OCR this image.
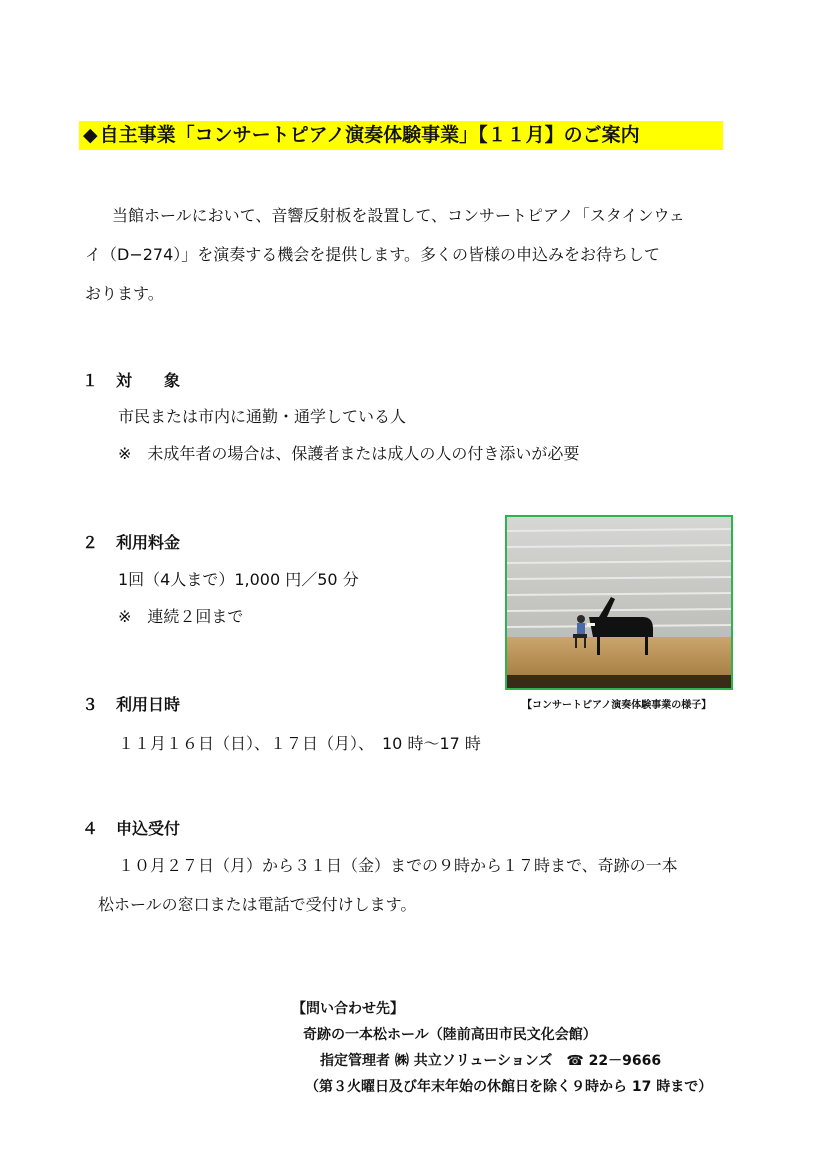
◆ 自主事業「コンサートピアノ演奏体験事業」【１１月】のご案内
当館ホールにおいて、音響反射板を設置して、コンサートピアノ「スタインウェ
イ（D−274）」を演奏する機会を提供します。多くの皆様の申込みをお待ちして
おります。
１ 対　　象
市民または市内に通勤・通学している人
※　未成年者の場合は、保護者または成人の人の付き添いが必要
２ 利用料金
1回（4人まで）1,000 円／50 分
※　連続２回まで
【コンサートピアノ演奏体験事業の様子】
３ 利用日時
１１月１６日（日）、１７日（月）、　10 時〜17 時
４ 申込受付
１０月２７日（月）から３１日（金）までの９時から１７時まで、奇跡の一本
松ホールの窓口または電話で受付けします。
【問い合わせ先】
奇跡の一本松ホール（陸前高田市民文化会館）
指定管理者 ㈱ 共立ソリューションズ　☎ 22－9666
（第３火曜日及び年末年始の休館日を除く９時から 17 時まで）
